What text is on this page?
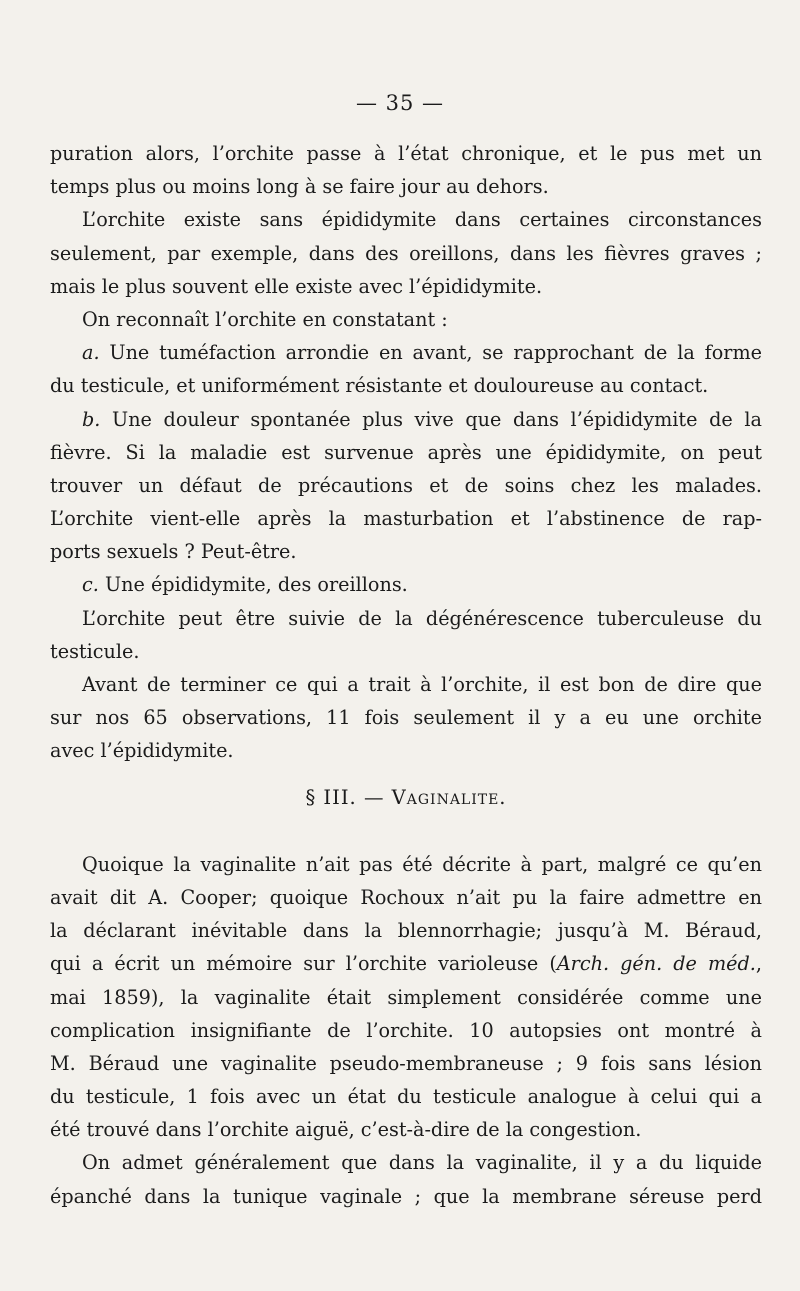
— 35 —
puration alors, l’orchite passe à l’état chronique, et le pus met un
temps plus ou moins long à se faire jour au dehors.
L’orchite existe sans épididymite dans certaines circonstances
seulement, par exemple, dans des oreillons, dans les fièvres graves ;
mais le plus souvent elle existe avec l’épididymite.
On reconnaît l’orchite en constatant :
a. Une tuméfaction arrondie en avant, se rapprochant de la forme
du testicule, et uniformément résistante et douloureuse au contact.
b. Une douleur spontanée plus vive que dans l’épididymite de la
fièvre. Si la maladie est survenue après une épididymite, on peut
trouver un défaut de précautions et de soins chez les malades.
L’orchite vient-elle après la masturbation et l’abstinence de rap-
ports sexuels ? Peut-être.
c. Une épididymite, des oreillons.
L’orchite peut être suivie de la dégénérescence tuberculeuse du
testicule.
Avant de terminer ce qui a trait à l’orchite, il est bon de dire que
sur nos 65 observations, 11 fois seulement il y a eu une orchite
avec l’épididymite.
§ III. — Vaginalite.
Quoique la vaginalite n’ait pas été décrite à part, malgré ce qu’en
avait dit A. Cooper; quoique Rochoux n’ait pu la faire admettre en
la déclarant inévitable dans la blennorrhagie; jusqu’à M. Béraud,
qui a écrit un mémoire sur l’orchite varioleuse (Arch. gén. de méd.,
mai 1859), la vaginalite était simplement considérée comme une
complication insignifiante de l’orchite. 10 autopsies ont montré à
M. Béraud une vaginalite pseudo-membraneuse ; 9 fois sans lésion
du testicule, 1 fois avec un état du testicule analogue à celui qui a
été trouvé dans l’orchite aiguë, c’est-à-dire de la congestion.
On admet généralement que dans la vaginalite, il y a du liquide
épanché dans la tunique vaginale ; que la membrane séreuse perd
